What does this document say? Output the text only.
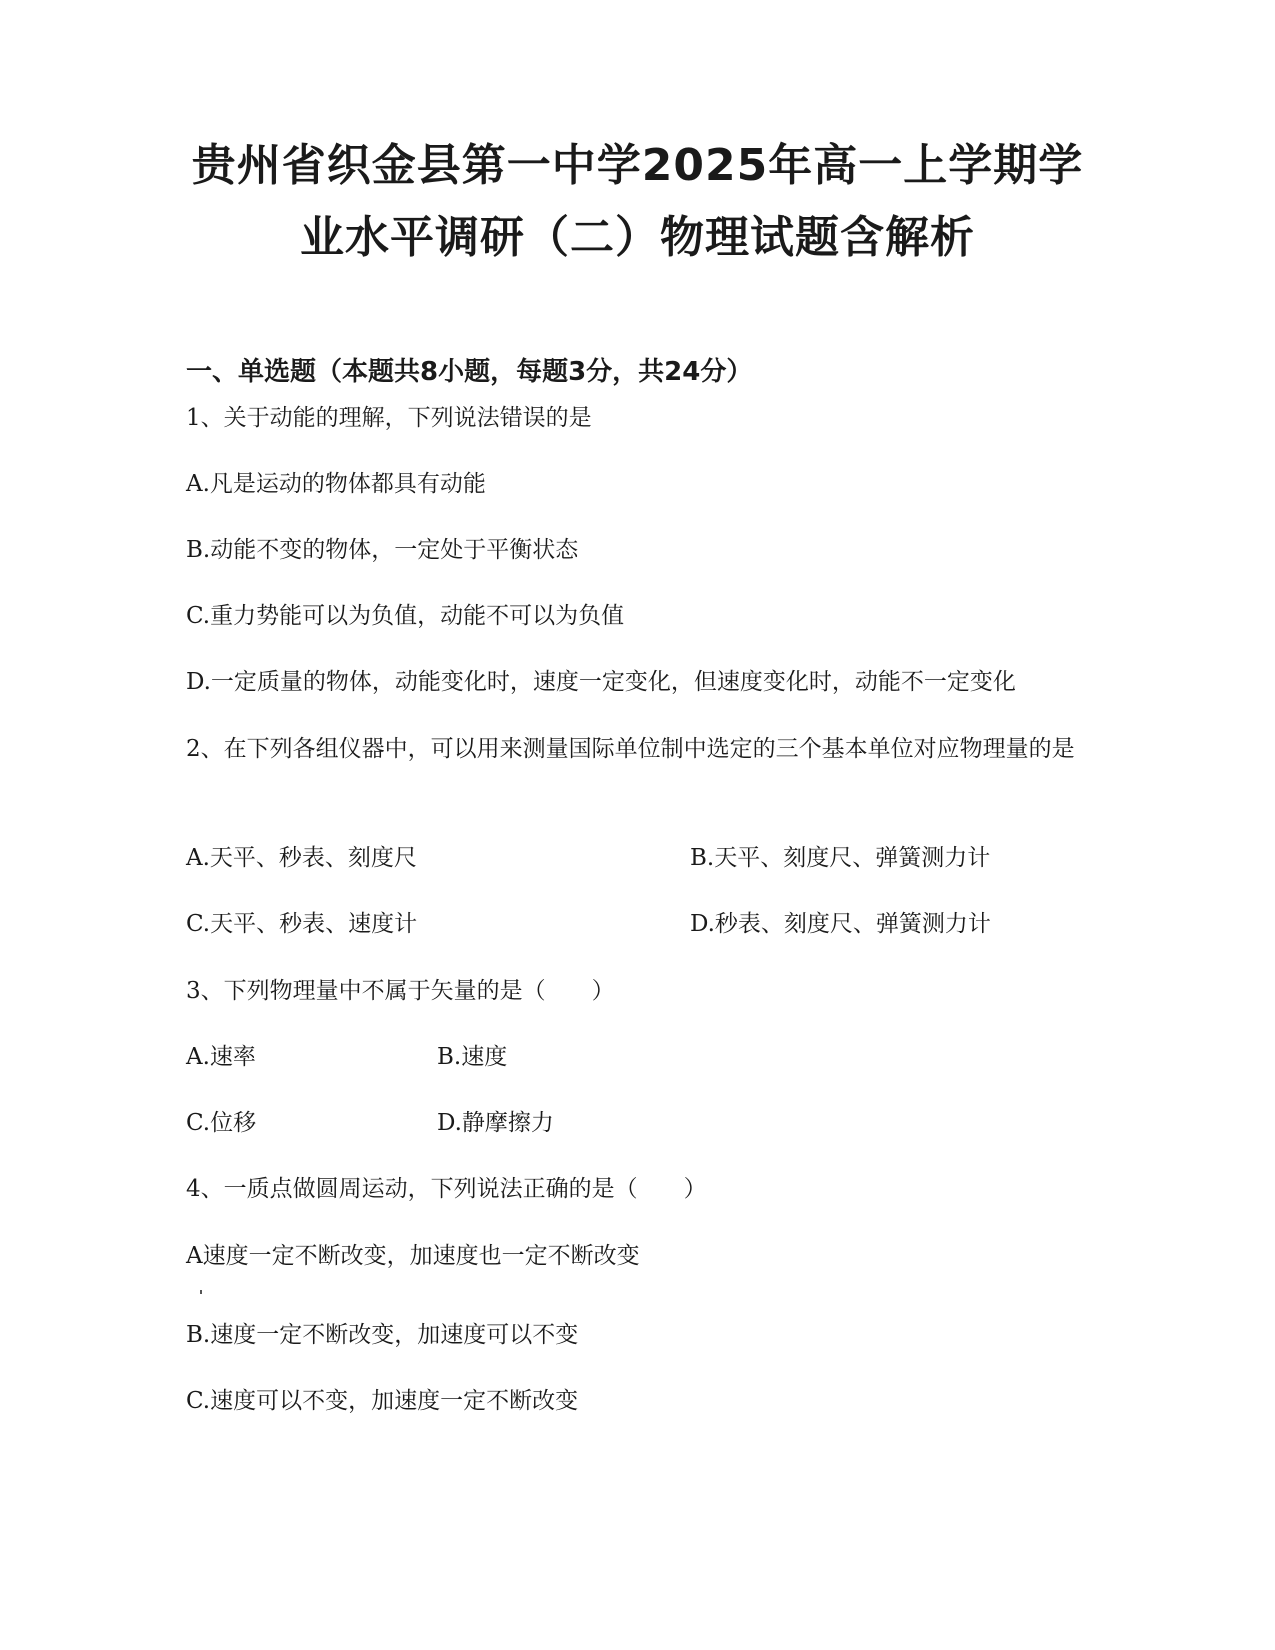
贵州省织金县第一中学2025年高一上学期学
业水平调研（二）物理试题含解析
一、单选题（本题共8小题，每题3分，共24分）
1、关于动能的理解，下列说法错误的是
A.凡是运动的物体都具有动能
B.动能不变的物体，一定处于平衡状态
C.重力势能可以为负值，动能不可以为负值
D.一定质量的物体，动能变化时，速度一定变化，但速度变化时，动能不一定变化
2、在下列各组仪器中，可以用来测量国际单位制中选定的三个基本单位对应物理量的是
A.天平、秒表、刻度尺	B.天平、刻度尺、弹簧测力计
C.天平、秒表、速度计	D.秒表、刻度尺、弹簧测力计
3、下列物理量中不属于矢量的是（　　）
A.速率	B.速度
C.位移	D.静摩擦力
4、一质点做圆周运动，下列说法正确的是（　　）
A速度一定不断改变，加速度也一定不断改变
B.速度一定不断改变，加速度可以不变
C.速度可以不变，加速度一定不断改变
